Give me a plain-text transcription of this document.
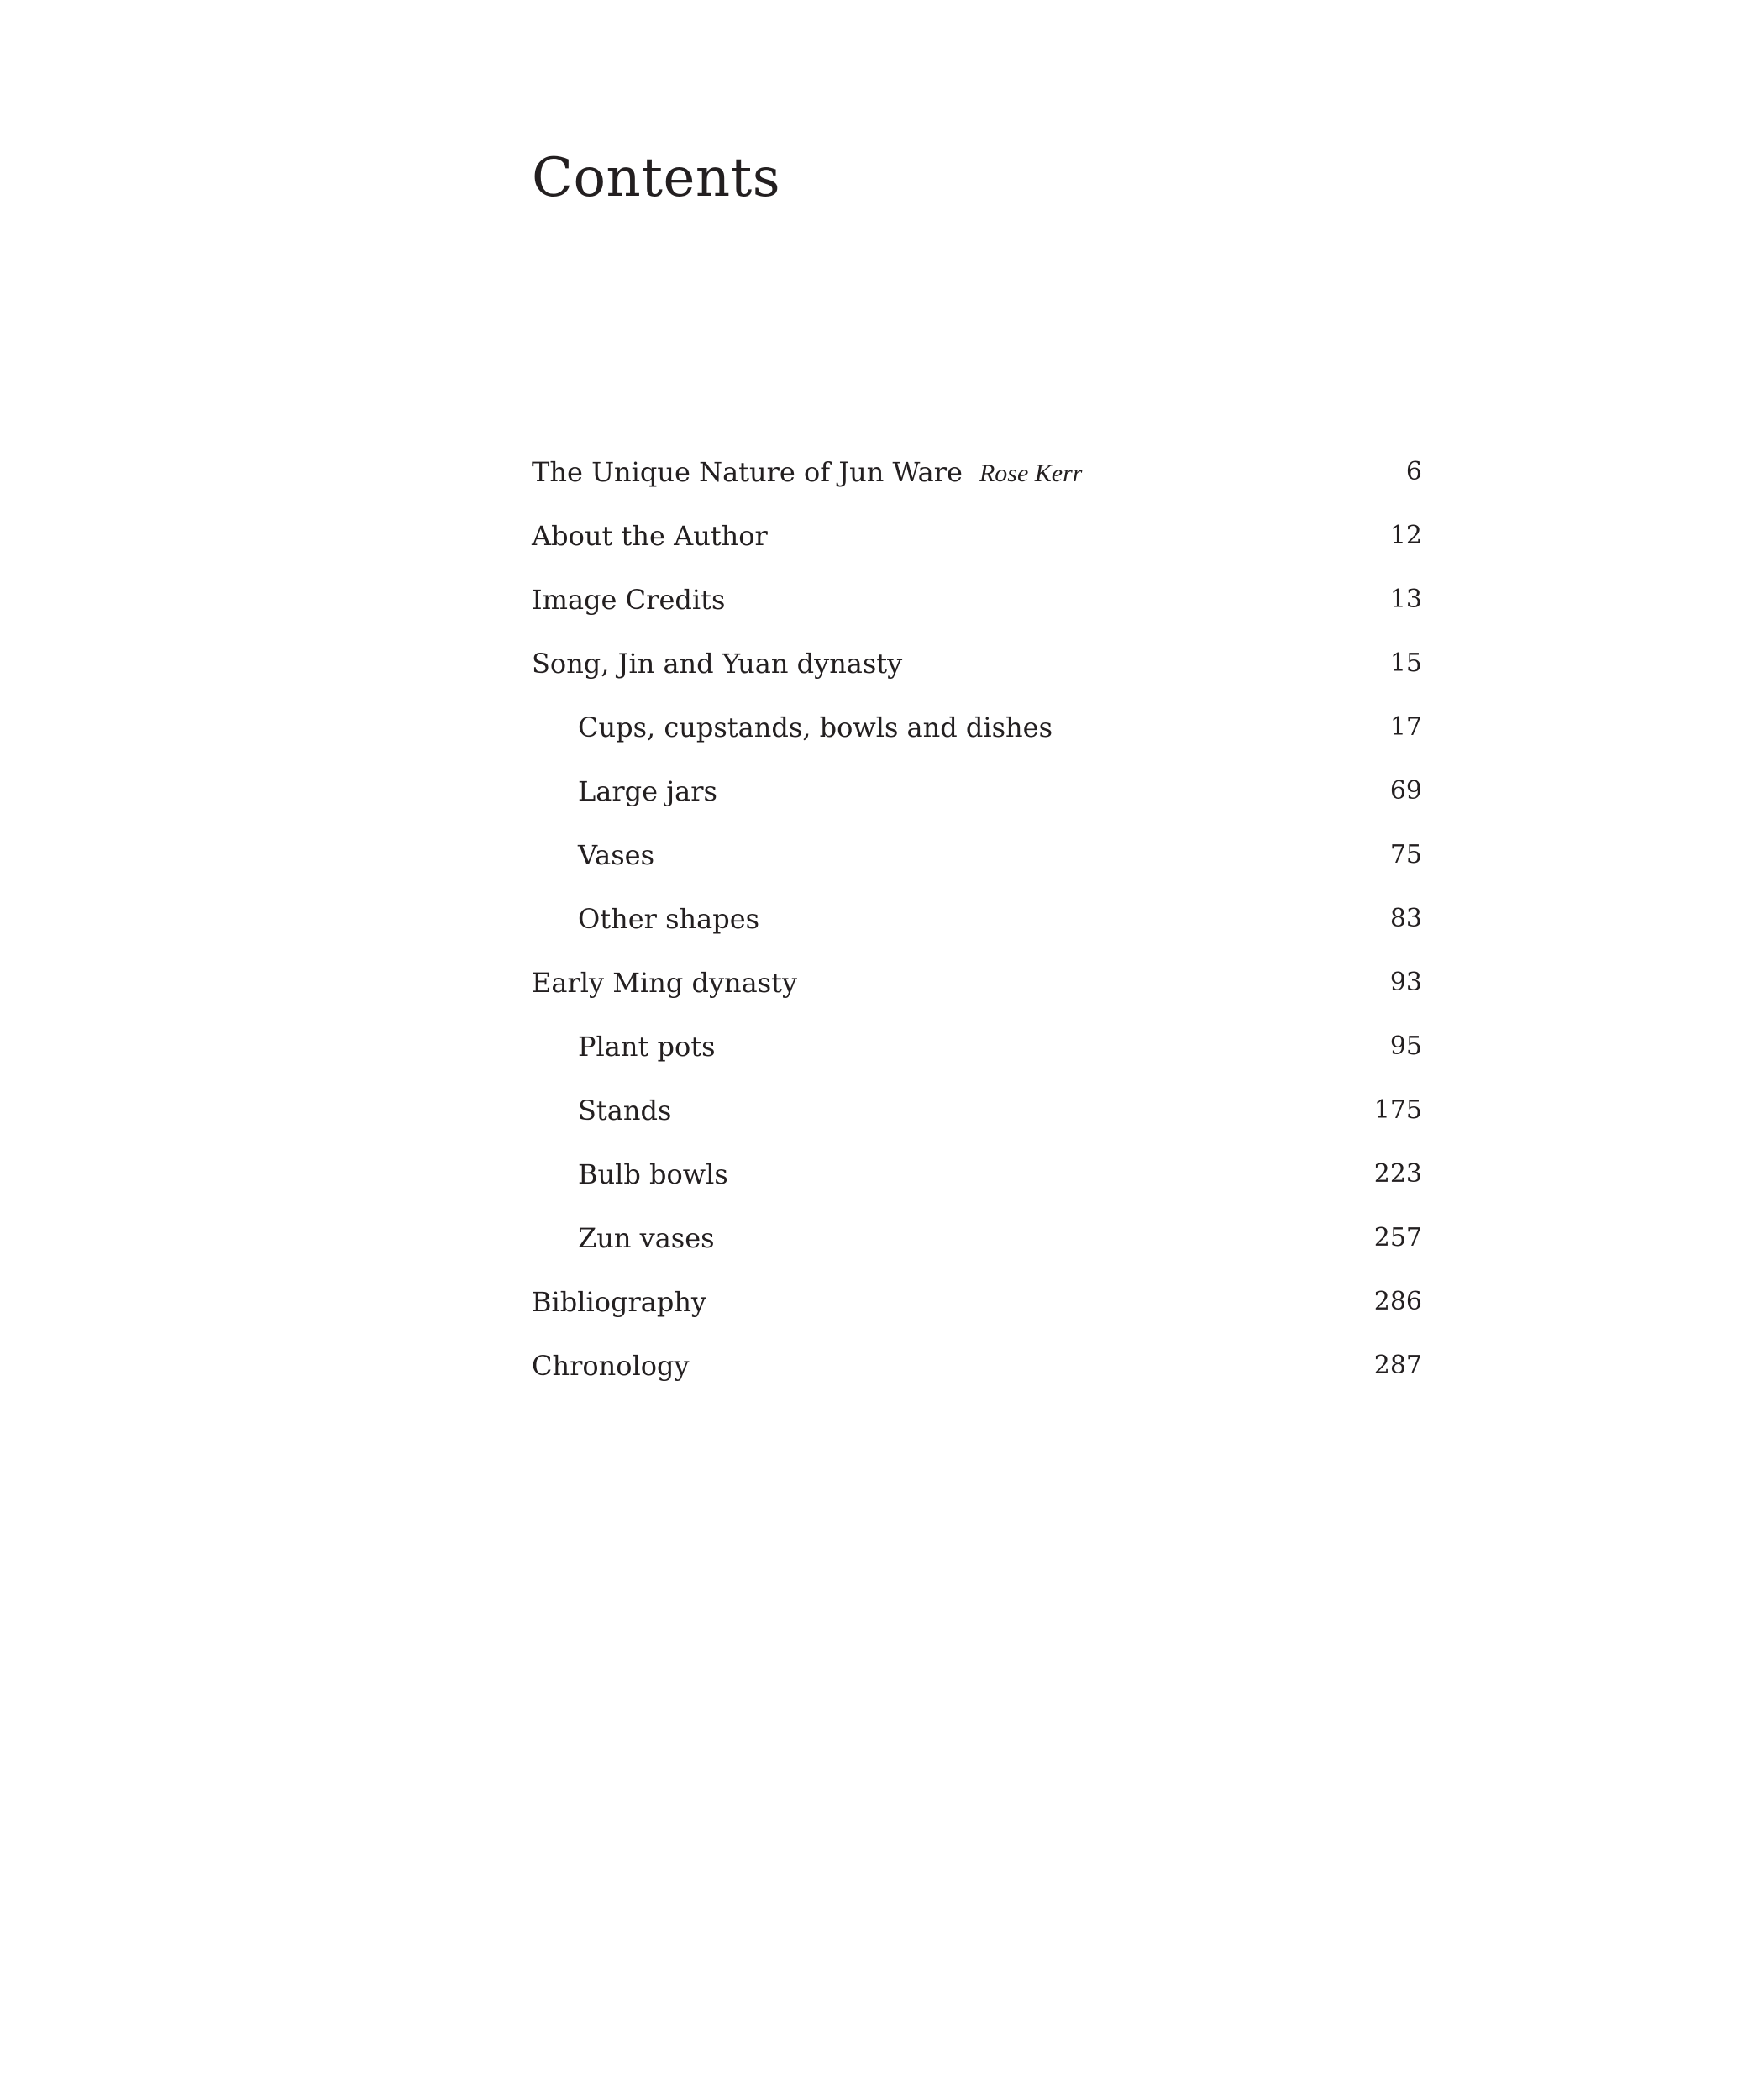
Contents
The Unique Nature of Jun Ware Rose Kerr	6
About the Author	12
Image Credits	13
Song, Jin and Yuan dynasty	15
Cups, cupstands, bowls and dishes	17
Large jars	69
Vases	75
Other shapes	83
Early Ming dynasty	93
Plant pots	95
Stands	175
Bulb bowls	223
Zun vases	257
Bibliography	286
Chronology	287
